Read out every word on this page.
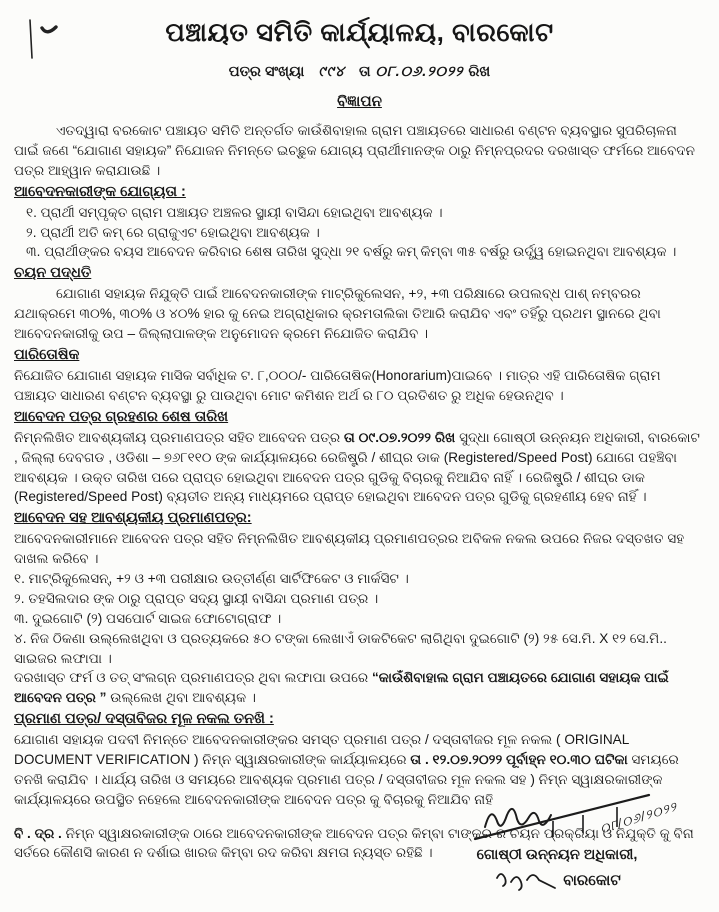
ପଞ୍ଚାୟତ ସମିତି କାର୍ଯ୍ୟାଳୟ, ବାରକୋଟ
ପତ୍ର ସଂଖ୍ୟା ୯୯୪ ତା ୦୮.୦୬.୨୦୨୨ ରିଖ
ବିଜ୍ଞାପନ

ଏତଦ୍ୱାରା ବରକୋଟ ପଞ୍ଚାୟତ ସମିତି ଅନ୍ତର୍ଗତ କାଉଁଶିବାହାଲ ଗ୍ରାମ ପଞ୍ଚାୟତରେ ସାଧାରଣ ବଣ୍ଟନ ବ୍ୟବସ୍ଥାର ସୁପରିଚାଳନା ପାଇଁ ଜଣେ “ଯୋଗାଣ ସହାୟକ” ନିଯୋଜନ ନିମନ୍ତେ ଇଚ୍ଛୁକ ଯୋଗ୍ୟ ପ୍ରାର୍ଥୀମାନଙ୍କ ଠାରୁ ନିମ୍ନପ୍ରଦର ଦରଖାସ୍ତ ଫର୍ମରେ ଆବେଦନ ପତ୍ର ଆହ୍ୱାନ କରାଯାଉଛି ।

ଆବେଦନକାରୀଙ୍କ ଯୋଗ୍ୟତା :

୧. ପ୍ରାର୍ଥୀ ସମ୍ପୃକ୍ତ ଗ୍ରାମ ପଞ୍ଚାୟତ ଅଞ୍ଚଳର ସ୍ଥାୟୀ ବାସିନ୍ଦା ହୋଇଥିବା ଆବଶ୍ୟକ ।

୨. ପ୍ରାର୍ଥୀ ଅତି କମ୍ ରେ ଗ୍ରାଜୁଏଟ ହୋଇଥିବା ଆବଶ୍ୟକ ।

୩. ପ୍ରାର୍ଥୀଙ୍କର ବୟସ ଆବେଦନ କରିବାର ଶେଷ ତାରିଖ ସୁଦ୍ଧା ୨୧ ବର୍ଷରୁ କମ୍ କିମ୍ବା ୩୫ ବର୍ଷରୁ ଉର୍ଦ୍ଧ୍ୱ ହୋଇନଥିବା ଆବଶ୍ୟକ ।

ଚୟନ ପଦ୍ଧତି

ଯୋଗାଣ ସହାୟକ ନିଯୁକ୍ତି ପାଇଁ ଆବେଦନକାରୀଙ୍କ ମାଟ୍ରିକୁଲେସନ, +୨, +୩ ପରିକ୍ଷାରେ ଉପଲବ୍ଧ ପାଶ୍ ନମ୍ବରର ଯଥାକ୍ରମେ ୩୦%, ୩୦% ଓ ୪୦% ହାର କୁ ନେଇ ଅଗ୍ରାଧିକାର କ୍ରମତାଲିକା ତିଆରି କରାଯିବ ଏବଂ ତହିଁରୁ ପ୍ରଥମ ସ୍ଥାନରେ ଥିବା ଆବେଦନକାରୀକୁ ଉପ – ଜିଲ୍ଲାପାଳଙ୍କ ଅନୁମୋଦନ କ୍ରମେ ନିଯୋଜିତ କରାଯିବ ।

ପାରିତୋଷିକ

ନିଯୋଜିତ ଯୋଗାଣ ସହାୟକ ମାସିକ ସର୍ବାଧିକ ଟ. ୮,୦୦୦/- ପାରିତୋଷିକ(Honorarium)ପାଇବେ । ମାତ୍ର ଏହି ପାରିତୋଷିକ ଗ୍ରାମ ପଞ୍ଚାୟତ ସାଧାରଣ ବଣ୍ଟନ ବ୍ୟବସ୍ଥା ରୁ ପାଉଥିବା ମୋଟ କମିଶନ ଅର୍ଥ ର ୮୦ ପ୍ରତିଶତ ରୁ ଅଧିକ ହେଉନଥିବ ।

ଆବେଦନ ପତ୍ର ଗ୍ରହଣର ଶେଷ ତାରିଖ

ନିମ୍ନଲିଖିତ ଆବଶ୍ୟକୀୟ ପ୍ରମାଣପତ୍ର ସହିତ ଆବେଦନ ପତ୍ର ତା ୦୯.୦୭.୨୦୨୨ ରିଖ ସୁଦ୍ଧା ଗୋଷ୍ଠୀ ଉନ୍ନୟନ ଅଧିକାରୀ, ବାରକୋଟ , ଜିଲ୍ଲା ଦେବଗଡ , ଓଡିଶା – ୭୬୮୧୧୦ ଙ୍କ କାର୍ଯ୍ୟାଳୟରେ ରେଜିଷ୍ଟ୍ରି / ଶୀଘ୍ର ଡାକ (Registered/Speed Post) ଯୋଗେ ପହଞ୍ଚିବା ଆବଶ୍ୟକ । ଉକ୍ତ ତାରିଖ ପରେ ପ୍ରାପ୍ତ ହୋଇଥିବା ଆବେଦନ ପତ୍ର ଗୁଡିକୁ ବିଚାରକୁ ନିଆଯିବ ନାହିଁ । ରେଜିଷ୍ଟ୍ରି / ଶୀଘ୍ର ଡାକ (Registered/Speed Post) ବ୍ୟତୀତ ଅନ୍ୟ ମାଧ୍ୟମରେ ପ୍ରାପ୍ତ ହୋଇଥିବା ଆବେଦନ ପତ୍ର ଗୁଡିକୁ ଗ୍ରହଣୀୟ ହେବ ନାହିଁ ।

ଆବେଦନ ସହ ଆବଶ୍ୟକୀୟ ପ୍ରମାଣପତ୍ର:

ଆବେଦନକାରୀମାନେ ଆବେଦନ ପତ୍ର ସହିତ ନିମ୍ନଲିଖିତ ଆବଶ୍ୟକୀୟ ପ୍ରମାଣପତ୍ରର ଅବିକଳ ନକଲ ଉପରେ ନିଜର ଦସ୍ତଖତ ସହ ଦାଖଲ କରିବେ ।

୧. ମାଟ୍ରିକୁଲେସନ୍, +୨ ଓ +୩ ପରୀକ୍ଷାର ଉତ୍ତୀର୍ଣ୍ଣ ସାର୍ଟିଫିକେଟ ଓ ମାର୍କସିଟ ।

୨. ତହସିଲଦାର ଙ୍କ ଠାରୁ ପ୍ରାପ୍ତ ସଦ୍ୟ ସ୍ଥାୟୀ ବାସିନ୍ଦା ପ୍ରମାଣ ପତ୍ର ।

୩. ଦୁଇଗୋଟି (୨) ପସପୋର୍ଟ ସାଇଜ ଫୋଟୋଗ୍ରାଫ ।

୪. ନିଜ ଠିକଣା ଉଲ୍ଲେଖଥିବା ଓ ପ୍ରତ୍ୟକରେ ୫୦ ଟଙ୍କା ଲେଖାଏଁ ଡାକଟିକେଟ ଲାଗିଥିବା ଦୁଇଗୋଟି (୨) ୨୫ ସେ.ମି. X ୧୨ ସେ.ମି.. ସାଇଜର ଲଫାପା ।

ଦରଖାସ୍ତ ଫର୍ମ ଓ ତତ୍ ସଂଲଗ୍ନ ପ୍ରମାଣପତ୍ର ଥିବା ଲଫାପା ଉପରେ “କାଉଁଶିବାହାଲ ଗ୍ରାମ ପଞ୍ଚାୟତରେ ଯୋଗାଣ ସହାୟକ ପାଇଁ ଆବେଦନ ପତ୍ର ” ଉଲ୍ଲେଖ ଥିବା ଆବଶ୍ୟକ ।

ପ୍ରମାଣ ପତ୍ର/ ଦସ୍ତାବିଜର ମୂଳ ନକଲ ତନଖି :

ଯୋଗାଣ ସହାୟକ ପଦବୀ ନିମନ୍ତେ ଆବେଦନକାରୀଙ୍କର ସମସ୍ତ ପ୍ରମାଣ ପତ୍ର / ଦସ୍ତାବୀଜର ମୂଳ ନକଲ ( ORIGINAL DOCUMENT VERIFICATION ) ନିମ୍ନ ସ୍ୱାକ୍ଷରକାରୀଙ୍କ କାର୍ଯ୍ୟାଳୟରେ ତା . ୧୨.୦୭.୨୦୨୨ ପୂର୍ବାହ୍ନ ୧୦.୩୦ ଘଟିକା ସମୟରେ ତନଖି କରାଯିବ । ଧାର୍ଯ୍ୟ ତାରିଖ ଓ ସମୟରେ ଆବଶ୍ୟକ ପ୍ରମାଣ ପତ୍ର / ଦସ୍ତାବୀଜର ମୂଳ ନକଲ ସହ ) ନିମ୍ନ ସ୍ୱାକ୍ଷରକାରୀଙ୍କ କାର୍ଯ୍ୟାଳୟରେ ଉପସ୍ଥିତ ନହେଲେ ଆବେଦନକାରୀଙ୍କ ଆବେଦନ ପତ୍ର କୁ ବିଚାରକୁ ନିଆଯିବ ନାହି

ବି . ଦ୍ର . ନିମ୍ନ ସ୍ୱାକ୍ଷରକାରୀଙ୍କ ଠାରେ ଆବେଦନକାରୀଙ୍କ ଆବେଦନ ପତ୍ର କିମ୍ବା ଟାଙ୍କର ର ଚୟନ ପ୍ରକ୍ରିୟା ଓ ନିଯୁକ୍ତି କୁ ବିନା ସର୍ତରେ କୌଣସି କାରଣ ନ ଦର୍ଶାଇ ଖାରଜ କିମ୍ବା ରଦ କରିବା କ୍ଷମତା ନ୍ୟସ୍ତ ରହିଛି ।

୦୮/୦୬/୨୦୨୨
ଗୋଷ୍ଠୀ ଉନ୍ନୟନ ଅଧିକାରୀ,
ବାରକୋଟ
